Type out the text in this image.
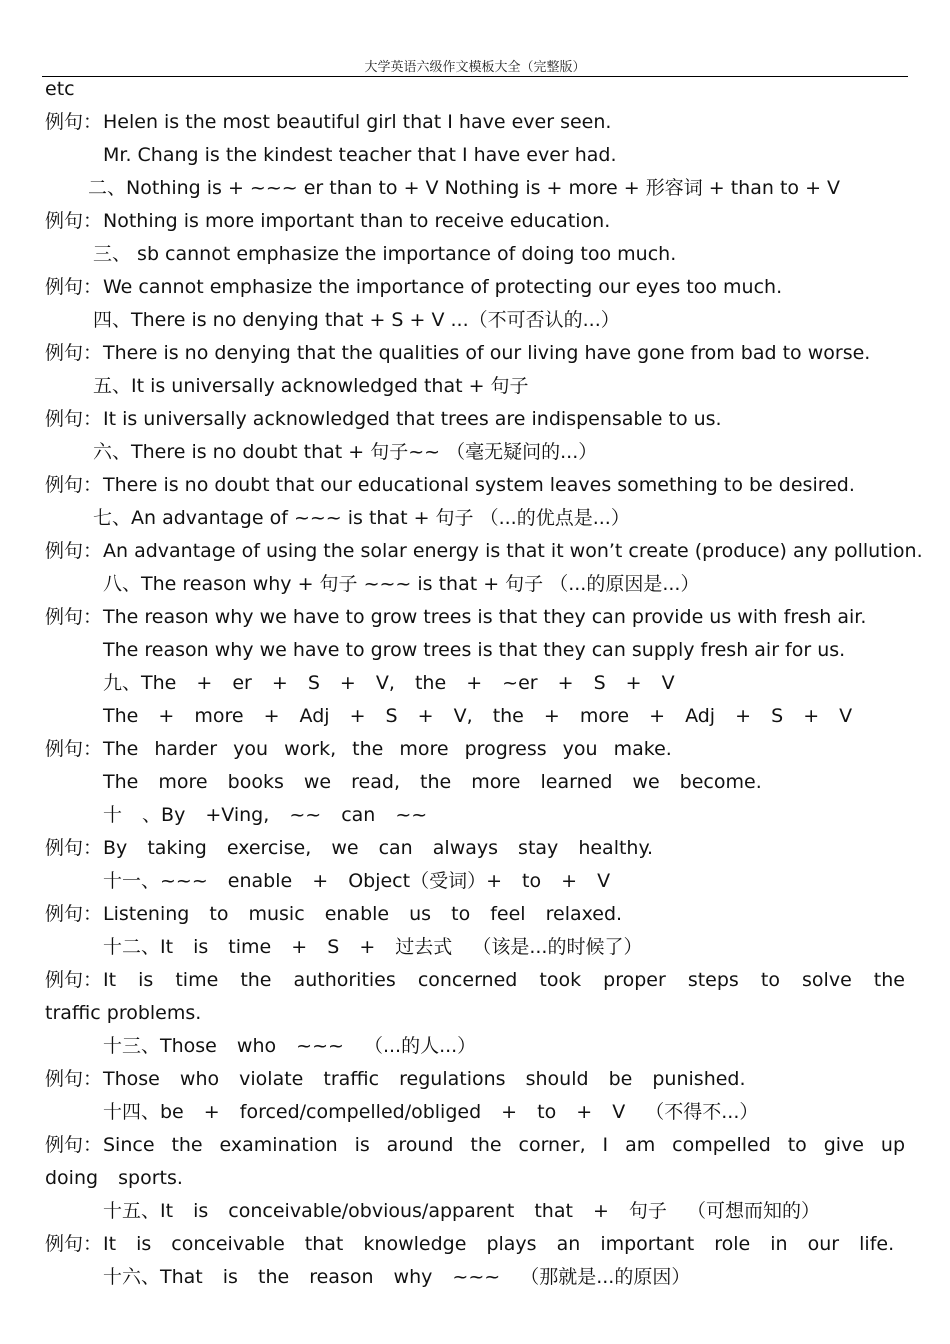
大学英语六级作文模板大全（完整版）
etc
例句： Helen is the most beautiful girl that I have ever seen.
Mr. Chang is the kindest teacher that I have ever had.
二、Nothing is + ~~~ er than to + V Nothing is + more + 形容词 + than to + V
例句： Nothing is more important than to receive education.
三、 sb cannot emphasize the importance of doing too much.
例句： We cannot emphasize the importance of protecting our eyes too much.
四、There is no denying that + S + V ...（不可否认的...）
例句： There is no denying that the qualities of our living have gone from bad to worse.
五、It is universally acknowledged that + 句子
例句： It is universally acknowledged that trees are indispensable to us.
六、There is no doubt that + 句子~~ （毫无疑问的...）
例句： There is no doubt that our educational system leaves something to be desired.
七、An advantage of ~~~ is that + 句子 （...的优点是...）
例句： An advantage of using the solar energy is that it won’t create (produce) any pollution.
八、The reason why + 句子 ~~~ is that + 句子 （...的原因是...）
例句： The reason why we have to grow trees is that they can provide us with fresh air.
The reason why we have to grow trees is that they can supply fresh air for us.
九、The + er + S + V, the + ~er + S + V
The + more + Adj + S + V, the + more + Adj + S + V
例句： The harder you work, the more progress you make.
The more books we read, the more learned we become.
十 、By +Ving, ~~ can ~~
例句： By taking exercise, we can always stay healthy.
十一、~~~ enable + Object（受词）+ to + V
例句： Listening to music enable us to feel relaxed.
十二、It is time + S + 过去式 （该是...的时候了）
例句： It is time the authorities concerned took proper steps to solve the
traffic problems.
十三、Those who ~~~ （...的人...）
例句： Those who violate traffic regulations should be punished.
十四、be + forced/compelled/obliged + to + V （不得不...）
例句： Since the examination is around the corner, I am compelled to give up
doing sports.
十五、It is conceivable/obvious/apparent that + 句子 （可想而知的）
例句： It is conceivable that knowledge plays an important role in our life.
十六、That is the reason why ~~~ （那就是...的原因）
